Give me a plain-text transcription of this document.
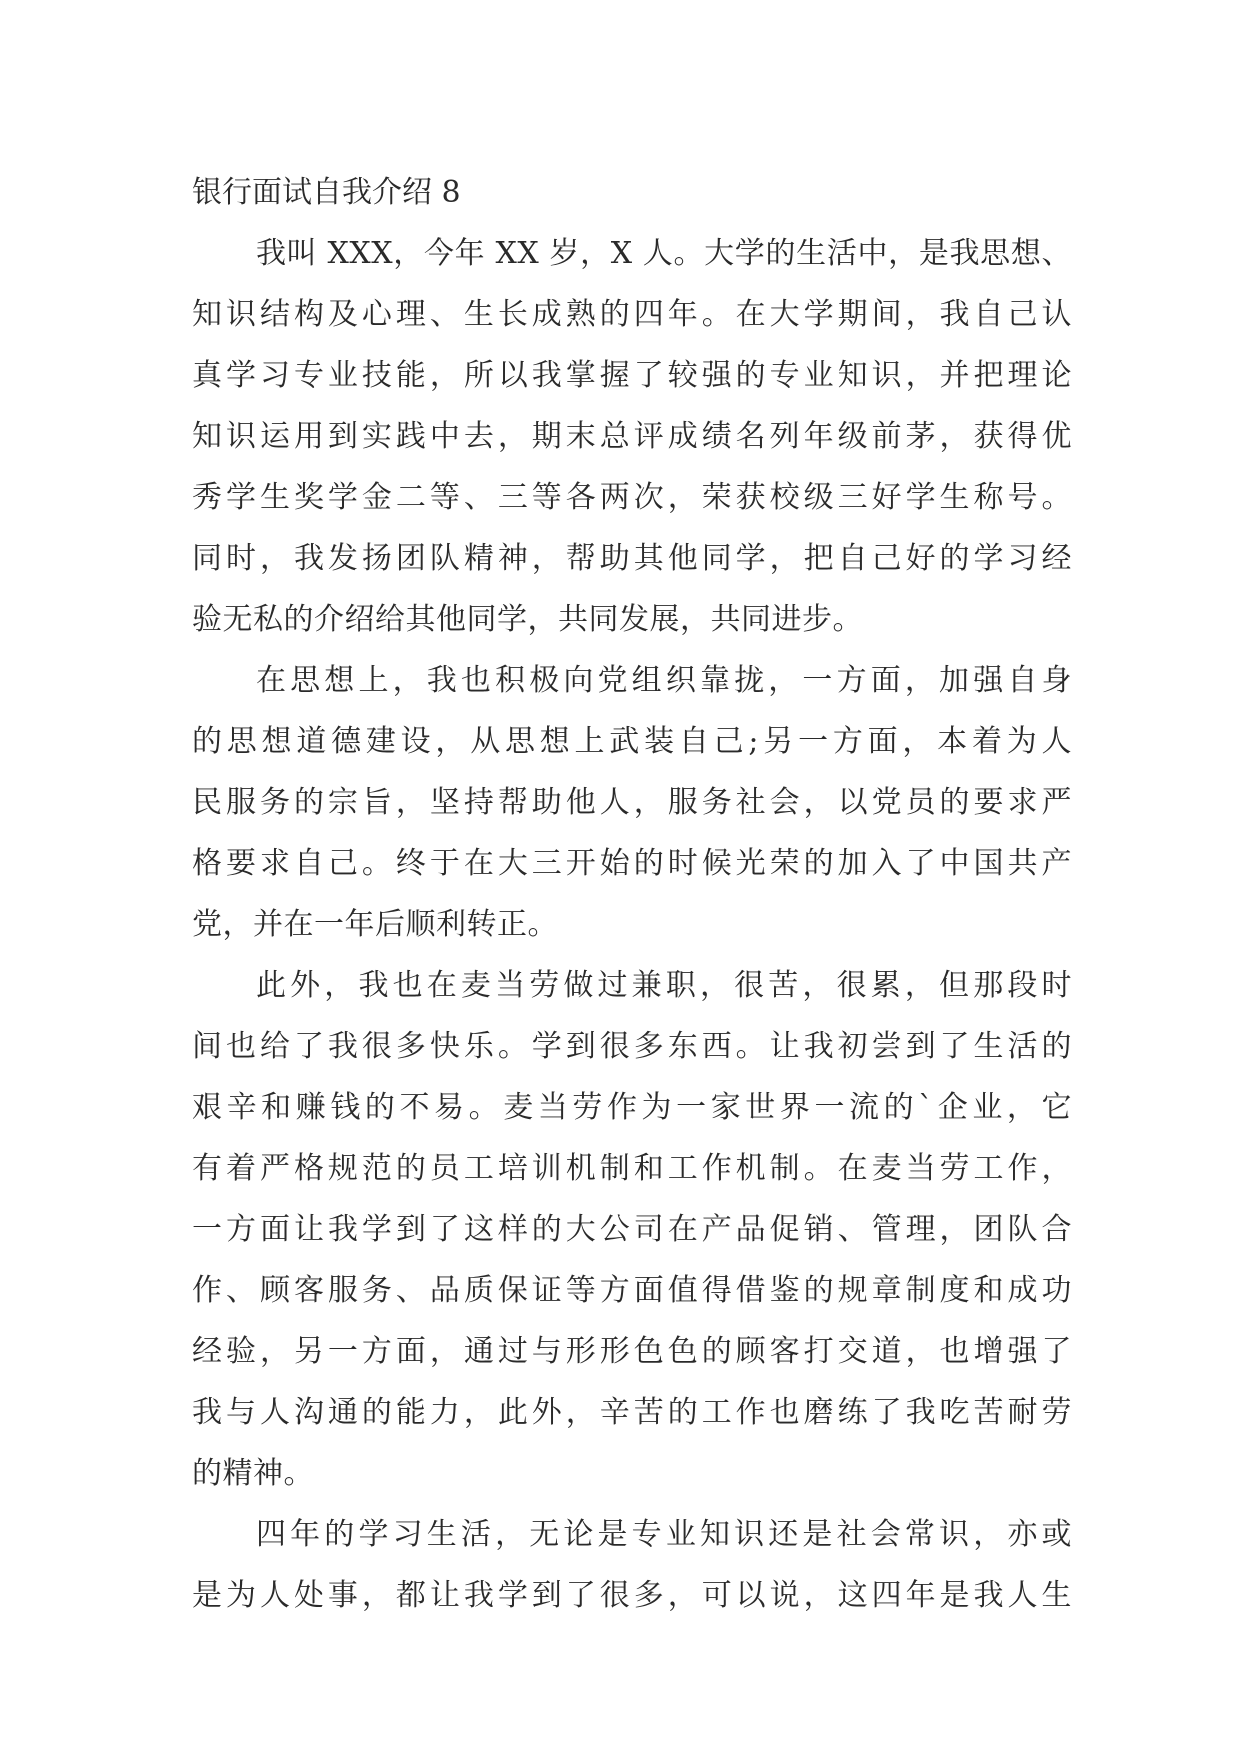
银行面试自我介绍 8
我叫 XXX，今年 XX 岁，X 人。大学的生活中，是我思想、
知识结构及心理、生长成熟的四年。在大学期间，我自己认
真学习专业技能，所以我掌握了较强的专业知识，并把理论
知识运用到实践中去，期末总评成绩名列年级前茅，获得优
秀学生奖学金二等、三等各两次，荣获校级三好学生称号。
同时，我发扬团队精神，帮助其他同学，把自己好的学习经
验无私的介绍给其他同学，共同发展，共同进步。
在思想上，我也积极向党组织靠拢，一方面，加强自身
的思想道德建设，从思想上武装自己;另一方面，本着为人
民服务的宗旨，坚持帮助他人，服务社会，以党员的要求严
格要求自己。终于在大三开始的时候光荣的加入了中国共产
党，并在一年后顺利转正。
此外，我也在麦当劳做过兼职，很苦，很累，但那段时
间也给了我很多快乐。学到很多东西。让我初尝到了生活的
艰辛和赚钱的不易。麦当劳作为一家世界一流的`企业，它
有着严格规范的员工培训机制和工作机制。在麦当劳工作，
一方面让我学到了这样的大公司在产品促销、管理，团队合
作、顾客服务、品质保证等方面值得借鉴的规章制度和成功
经验，另一方面，通过与形形色色的顾客打交道，也增强了
我与人沟通的能力，此外，辛苦的工作也磨练了我吃苦耐劳
的精神。
四年的学习生活，无论是专业知识还是社会常识，亦或
是为人处事，都让我学到了很多，可以说，这四年是我人生
